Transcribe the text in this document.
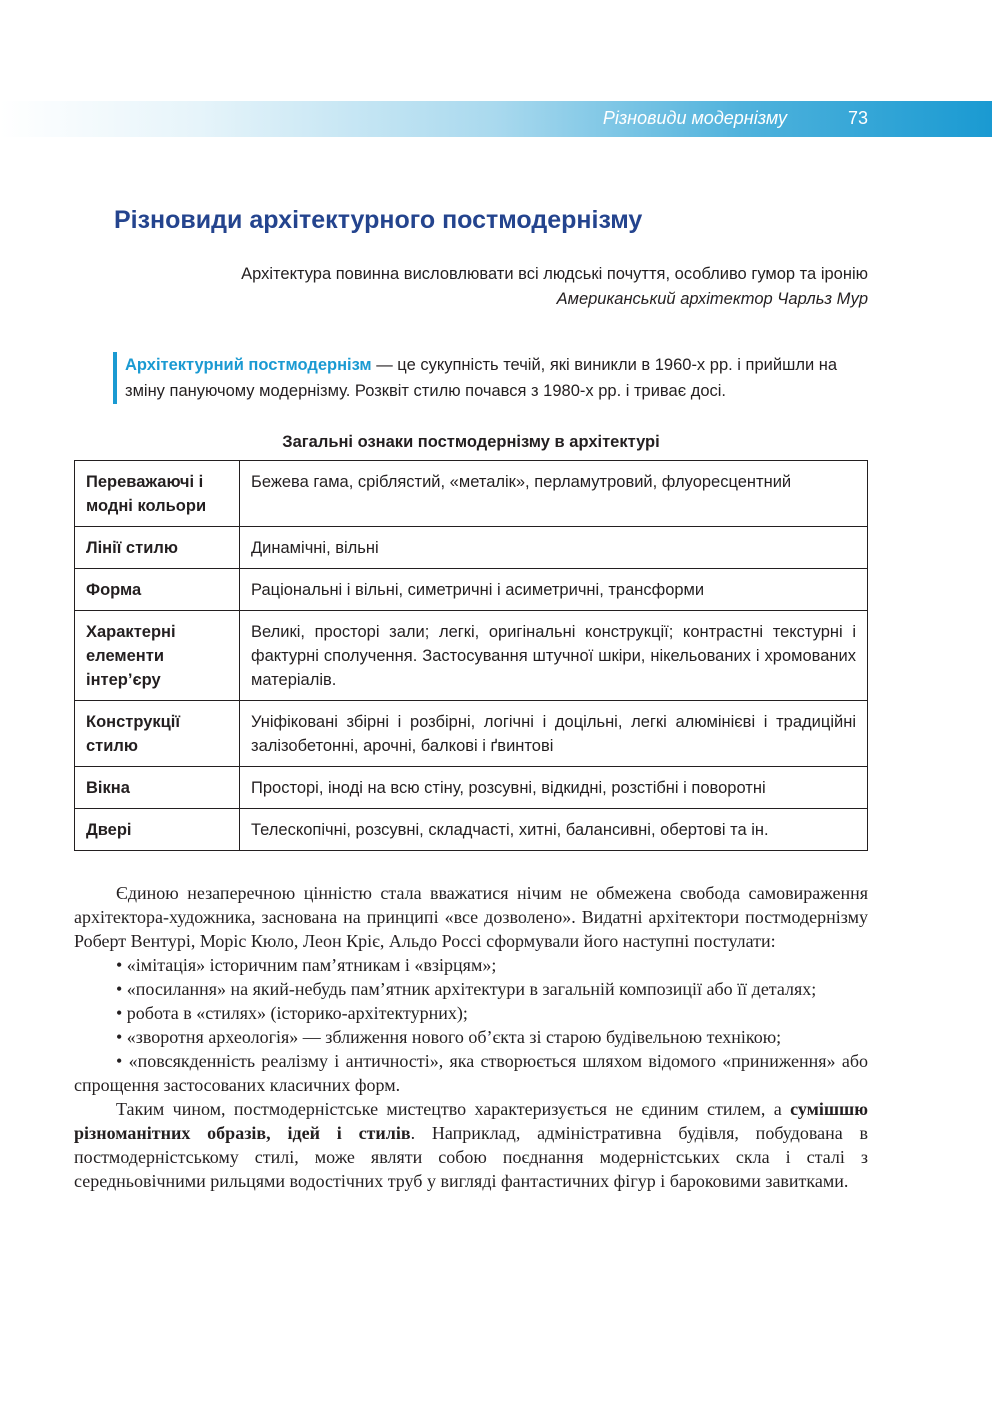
Різновиди модернізму	73
Різновиди архітектурного постмодернізму
Архітектура повинна висловлювати всі людські почуття, особливо гумор та іронію
Американський архітектор Чарльз Мур
Архітектурний постмодернізм — це сукупність течій, які виникли в 1960-х рр. і прийшли на зміну пануючому модернізму. Розквіт стилю почався з 1980-х рр. і триває досі.
Загальні ознаки постмодернізму в архітектурі
Переважаючі і модні кольори	Бежева гама, сріблястий, «металік», перламутровий, флуоресцентний
Лінії стилю	Динамічні, вільні
Форма	Раціональні і вільні, симетричні і асиметричні, трансформи
Характерні елементи інтер’єру	Великі, просторі зали; легкі, оригінальні конструкції; контрастні текстурні і фактурні сполучення. Застосування штучної шкіри, нікельованих і хромованих матеріалів.
Конструкції стилю	Уніфіковані збірні і розбірні, логічні і доцільні, легкі алюмінієві і традиційні залізобетонні, арочні, балкові і ґвинтові
Вікна	Просторі, іноді на всю стіну, розсувні, відкидні, розстібні і поворотні
Двері	Телескопічні, розсувні, складчасті, хитні, балансивні, обертові та ін.

Єдиною незаперечною цінністю стала вважатися нічим не обмежена свобода самовираження архітектора-художника, заснована на принципі «все дозволено». Видатні архітектори постмодернізму Роберт Вентурі, Моріс Кюло, Леон Кріє, Альдо Россі сформували його наступні постулати:

• «імітація» історичним пам’ятникам і «взірцям»;

• «посилання» на який-небудь пам’ятник архітектури в загальній композиції або її деталях;

• робота в «стилях» (історико-архітектурних);

• «зворотня археологія» — зближення нового об’єкта зі старою будівельною технікою;

• «повсякденність реалізму і античності», яка створюється шляхом відомого «приниження» або спрощення застосованих класичних форм.

Таким чином, постмодерністське мистецтво характеризується не єдиним стилем, а сумішшю різноманітних образів, ідей і стилів. Наприклад, адміністративна будівля, побудована в постмодерністському стилі, може являти собою поєднання модерністських скла і сталі з середньовічними рильцями водостічних труб у вигляді фантастичних фігур і бароковими завитками.
